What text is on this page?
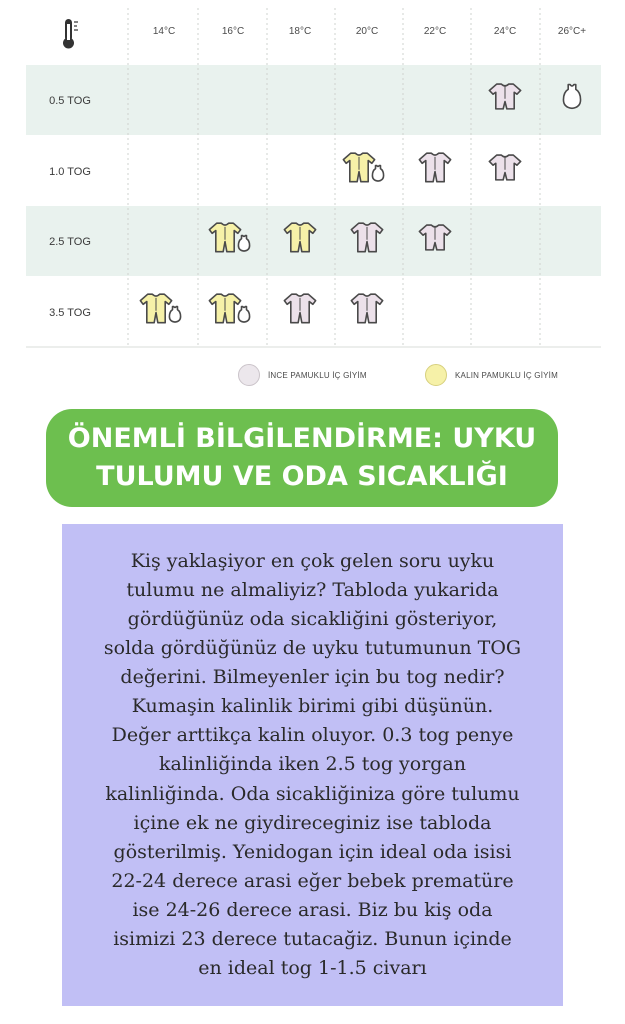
14°C	16°C	18°C	20°C	22°C	24°C	26°C+
0.5 TOG
1.0 TOG
2.5 TOG
3.5 TOG
İNCE PAMUKLU İÇ GİYİM	KALIN PAMUKLU İÇ GİYİM
ÖNEMLİ BİLGİLENDİRME: UYKU
TULUMU VE ODA SICAKLIĞI
Kiş yaklaşiyor en çok gelen soru uyku
tulumu ne almaliyiz? Tabloda yukarida
gördüğünüz oda sicakliğini gösteriyor,
solda gördüğünüz de uyku tutumunun TOG
değerini. Bilmeyenler için bu tog nedir?
Kumaşin kalinlik birimi gibi düşünün.
Değer arttikça kalin oluyor. 0.3 tog penye
kalinliğinda iken 2.5 tog yorgan
kalinliğinda. Oda sicakliğiniza göre tulumu
içine ek ne giydireceginiz ise tabloda
gösterilmiş. Yenidogan için ideal oda isisi
22-24 derece arasi eğer bebek prematüre
ise 24-26 derece arasi. Biz bu kiş oda
isimizi 23 derece tutacağiz. Bunun içinde
en ideal tog 1-1.5 civarı
